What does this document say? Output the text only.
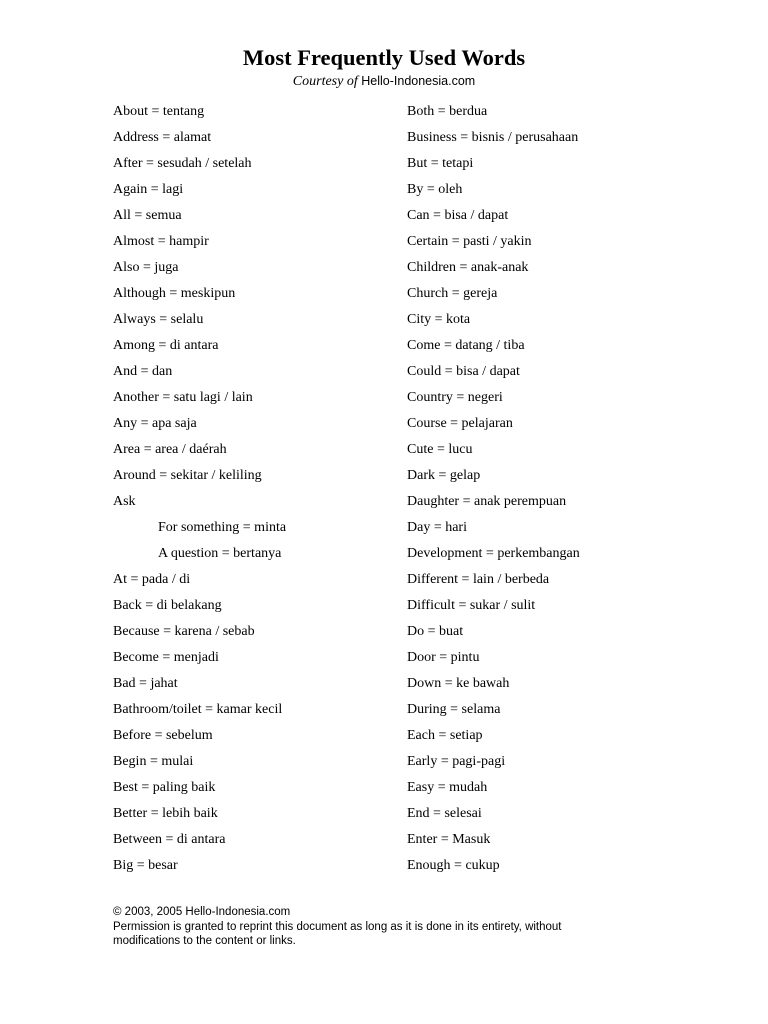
Most Frequently Used Words
Courtesy of Hello-Indonesia.com
About = tentang
Address = alamat
After = sesudah / setelah
Again = lagi
All = semua
Almost = hampir
Also = juga
Although = meskipun
Always = selalu
Among = di antara
And = dan
Another = satu lagi / lain
Any = apa saja
Area = area / daérah
Around = sekitar / keliling
Ask
For something = minta
A question = bertanya
At = pada / di
Back = di belakang
Because = karena / sebab
Become = menjadi
Bad = jahat
Bathroom/toilet = kamar kecil
Before = sebelum
Begin = mulai
Best = paling baik
Better = lebih baik
Between = di antara
Big = besar
Both = berdua
Business = bisnis / perusahaan
But = tetapi
By = oleh
Can = bisa / dapat
Certain = pasti / yakin
Children = anak-anak
Church = gereja
City = kota
Come = datang / tiba
Could = bisa / dapat
Country = negeri
Course = pelajaran
Cute = lucu
Dark = gelap
Daughter = anak perempuan
Day = hari
Development = perkembangan
Different = lain / berbeda
Difficult = sukar / sulit
Do = buat
Door = pintu
Down = ke bawah
During = selama
Each = setiap
Early = pagi-pagi
Easy = mudah
End = selesai
Enter = Masuk
Enough = cukup
© 2003, 2005 Hello-Indonesia.com
Permission is granted to reprint this document as long as it is done in its entirety, without
modifications to the content or links.
